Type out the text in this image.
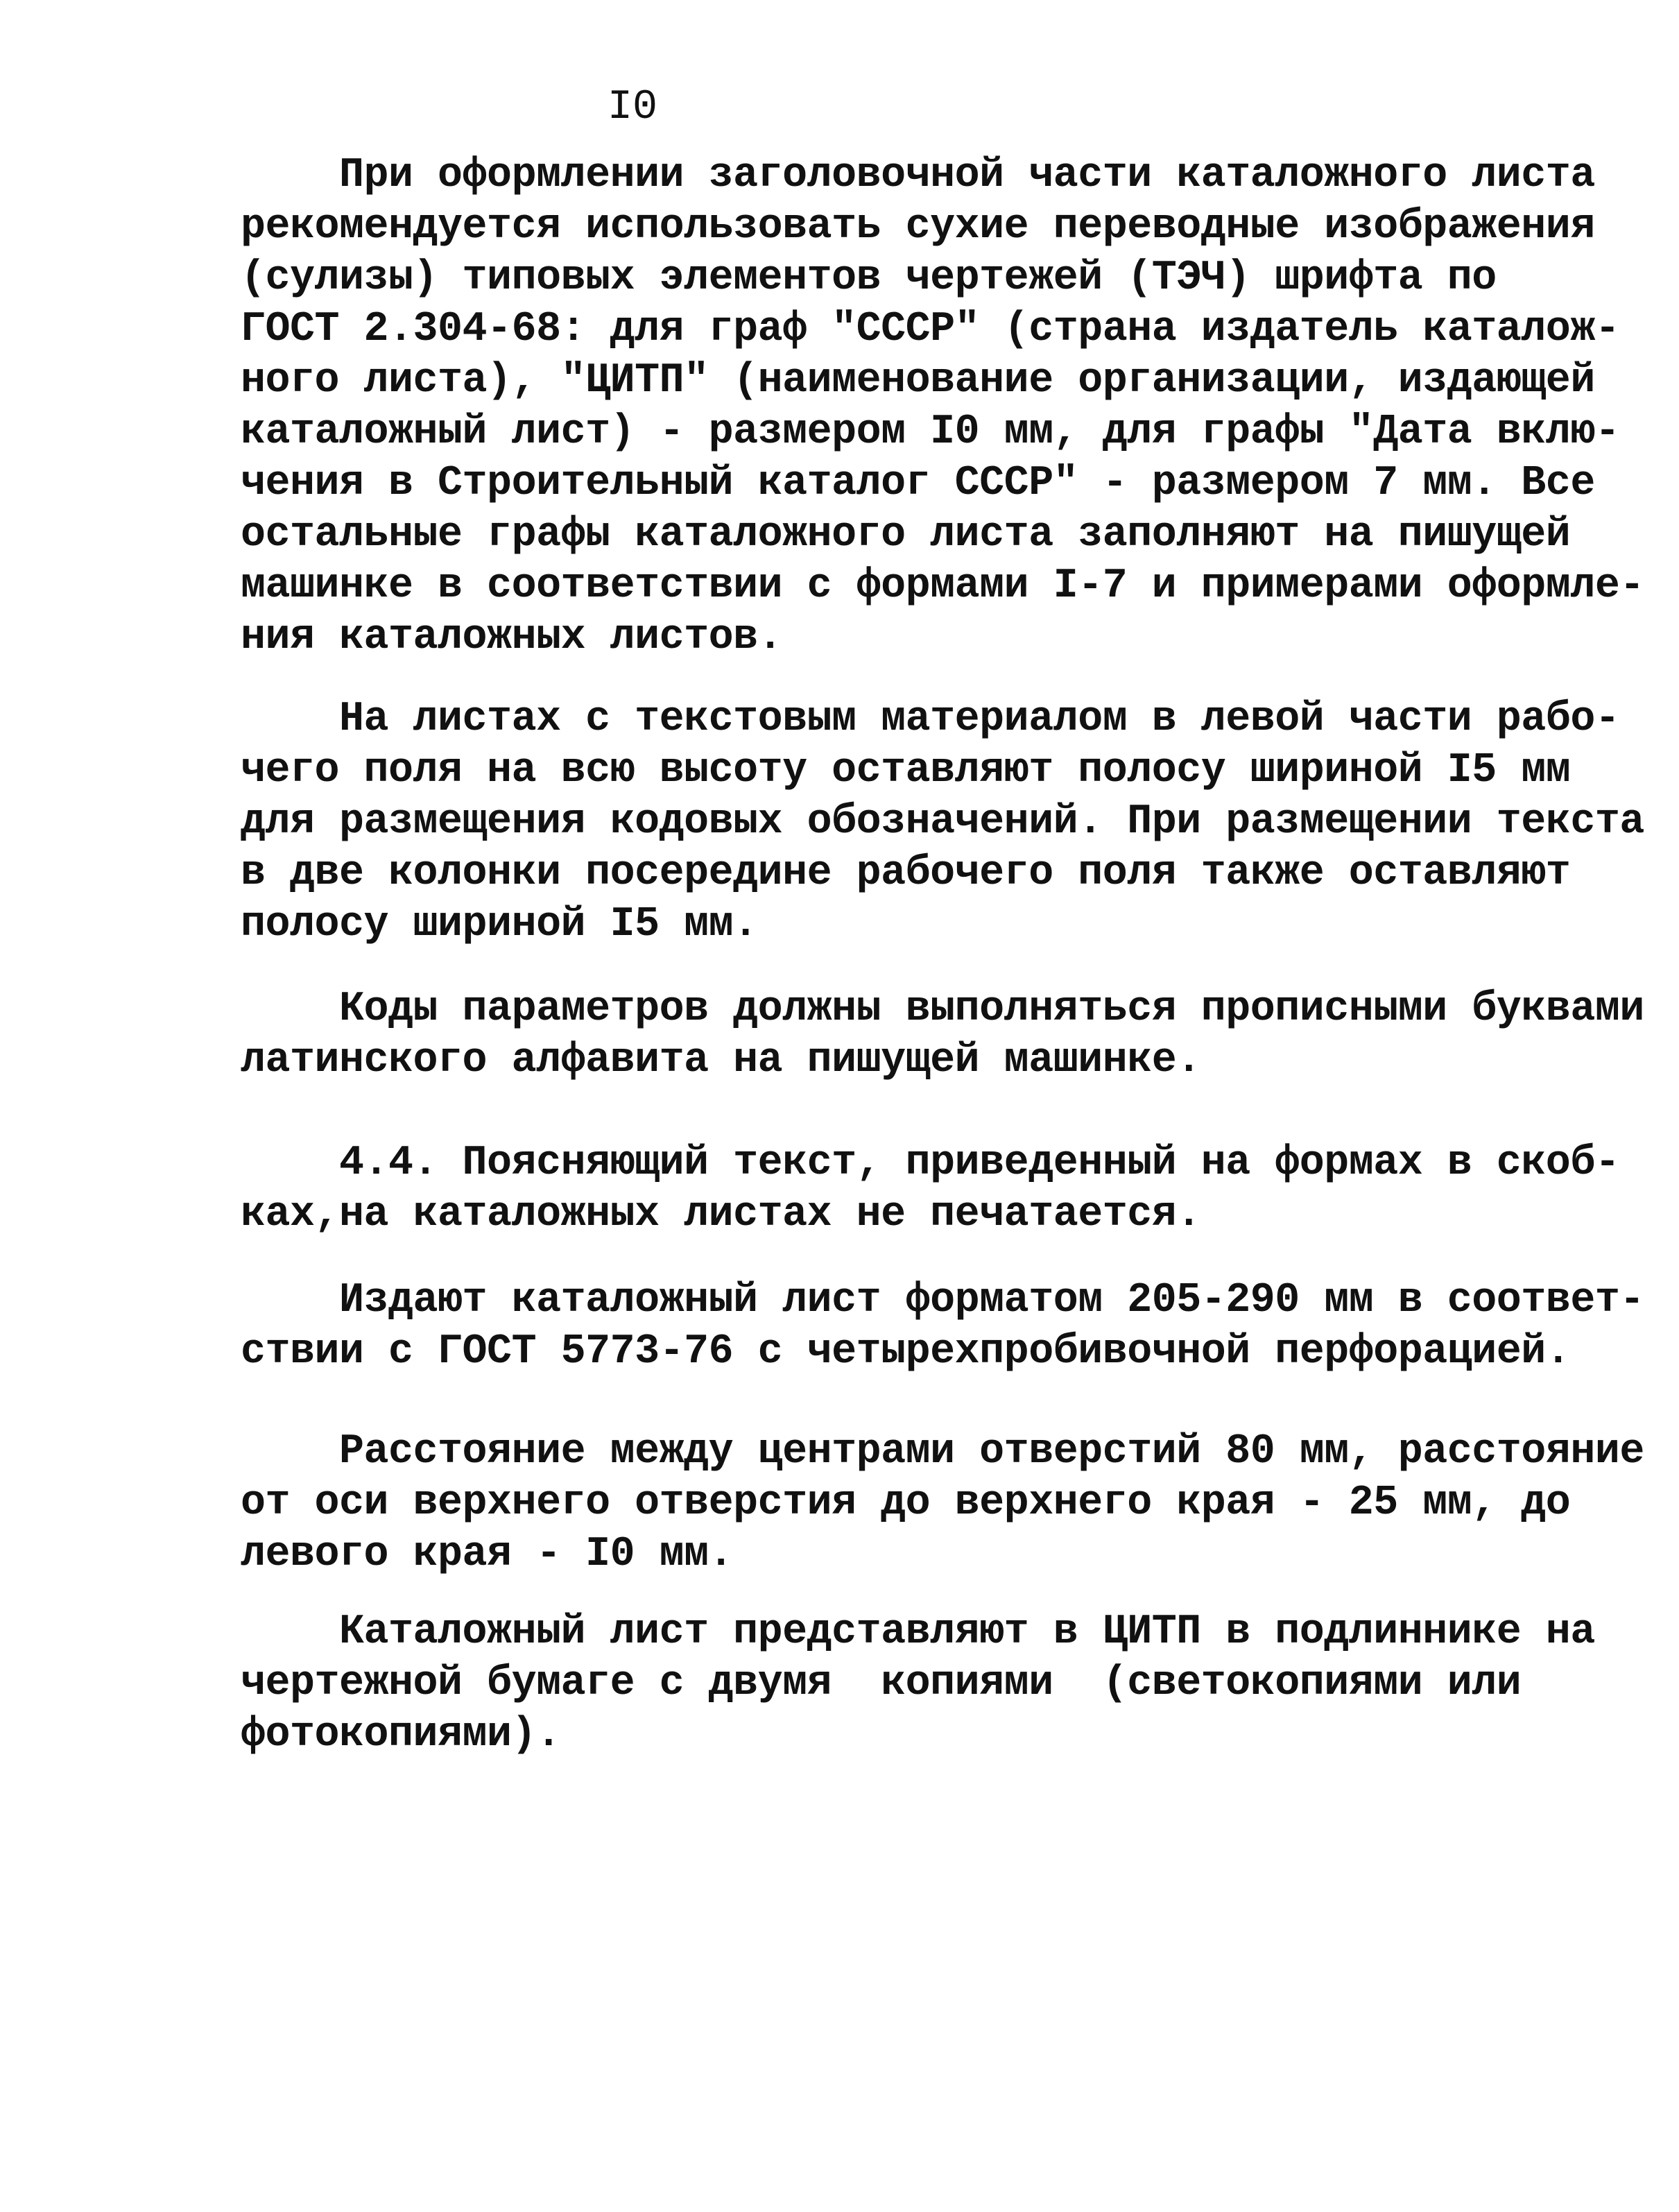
I0
При оформлении заголовочной части каталожного листа
рекомендуется использовать сухие переводные изображения
(сулизы) типовых элементов чертежей (ТЭЧ) шрифта по
ГОСТ 2.304-68: для граф "СССР" (страна издатель каталож-
ного листа), "ЦИТП" (наименование организации, издающей
каталожный лист) - размером I0 мм, для графы "Дата вклю-
чения в Строительный каталог СССР" - размером 7 мм. Все
остальные графы каталожного листа заполняют на пишущей
машинке в соответствии с формами I-7 и примерами оформле-
ния каталожных листов.
На листах с текстовым материалом в левой части рабо-
чего поля на всю высоту оставляют полосу шириной I5 мм
для размещения кодовых обозначений. При размещении текста
в две колонки посередине рабочего поля также оставляют
полосу шириной I5 мм.
Коды параметров должны выполняться прописными буквами
латинского алфавита на пишущей машинке.
4.4. Поясняющий текст, приведенный на формах в скоб-
ках,на каталожных листах не печатается.
Издают каталожный лист форматом 205-290 мм в соответ-
ствии с ГОСТ 5773-76 с четырехпробивочной перфорацией.
Расстояние между центрами отверстий 80 мм, расстояние
от оси верхнего отверстия до верхнего края - 25 мм, до
левого края - I0 мм.
Каталожный лист представляют в ЦИТП в подлиннике на
чертежной бумаге с двумя  копиями  (светокопиями или
фотокопиями).
